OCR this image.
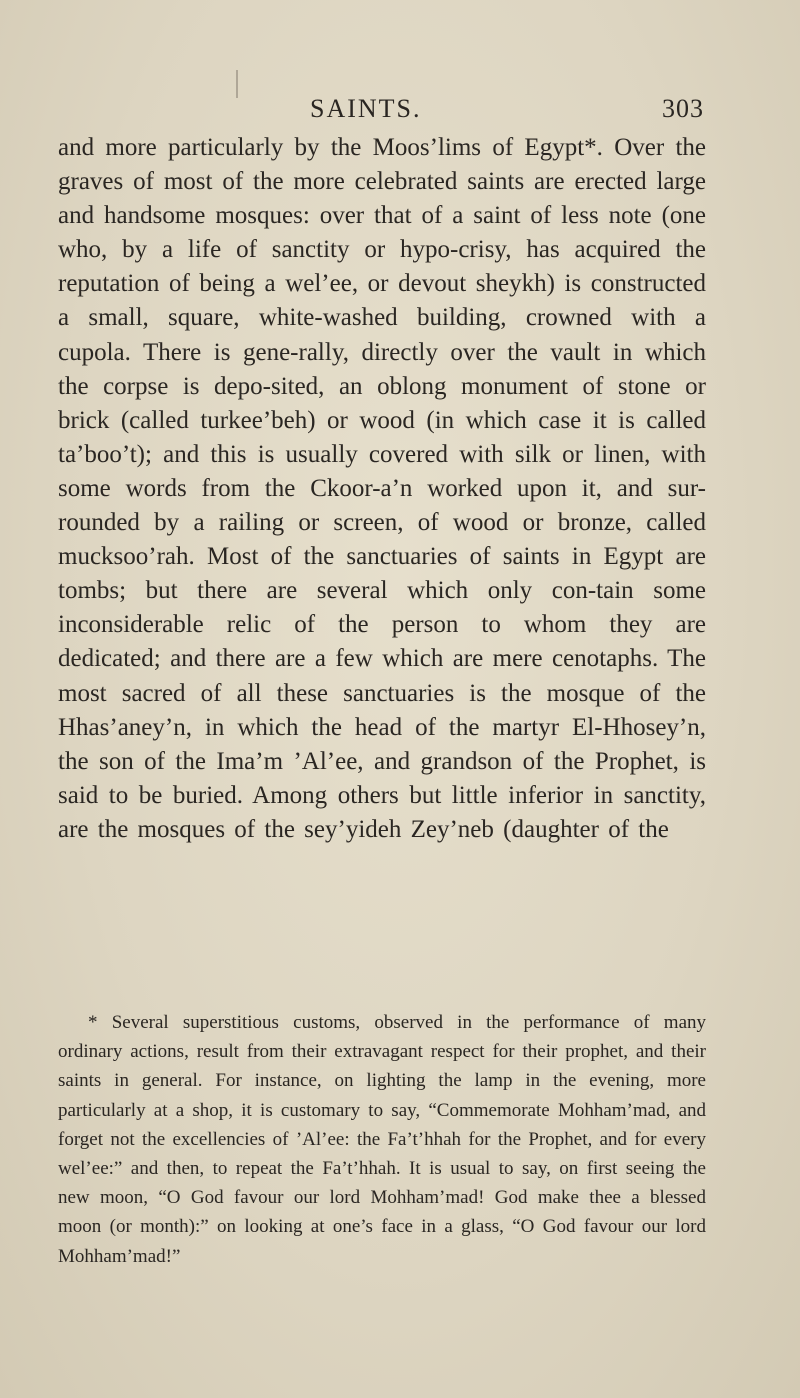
SAINTS.	303

and more particularly by the Moos’lims of Egypt*. Over the graves of most of the more celebrated saints are erected large and handsome mosques: over that of a saint of less note (one who, by a life of sanctity or hypo-crisy, has acquired the reputation of being a wel’ee, or devout sheykh) is constructed a small, square, white-washed building, crowned with a cupola. There is gene-rally, directly over the vault in which the corpse is depo-sited, an oblong monument of stone or brick (called turkee’beh) or wood (in which case it is called ta’boo’t); and this is usually covered with silk or linen, with some words from the Ckoor-a’n worked upon it, and sur-rounded by a railing or screen, of wood or bronze, called mucksoo’rah. Most of the sanctuaries of saints in Egypt are tombs; but there are several which only con-tain some inconsiderable relic of the person to whom they are dedicated; and there are a few which are mere cenotaphs. The most sacred of all these sanctuaries is the mosque of the Hhas’aney’n, in which the head of the martyr El-Hhosey’n, the son of the Ima’m ’Al’ee, and grandson of the Prophet, is said to be buried. Among others but little inferior in sanctity, are the mosques of the sey’yideh Zey’neb (daughter of the

* Several superstitious customs, observed in the performance of many ordinary actions, result from their extravagant respect for their prophet, and their saints in general. For instance, on lighting the lamp in the evening, more particularly at a shop, it is customary to say, “Commemorate Mohham’mad, and forget not the excellencies of ’Al’ee: the Fa’t’hhah for the Prophet, and for every wel’ee:” and then, to repeat the Fa’t’hhah. It is usual to say, on first seeing the new moon, “O God favour our lord Mohham’mad! God make thee a blessed moon (or month):” on looking at one’s face in a glass, “O God favour our lord Mohham’mad!”
